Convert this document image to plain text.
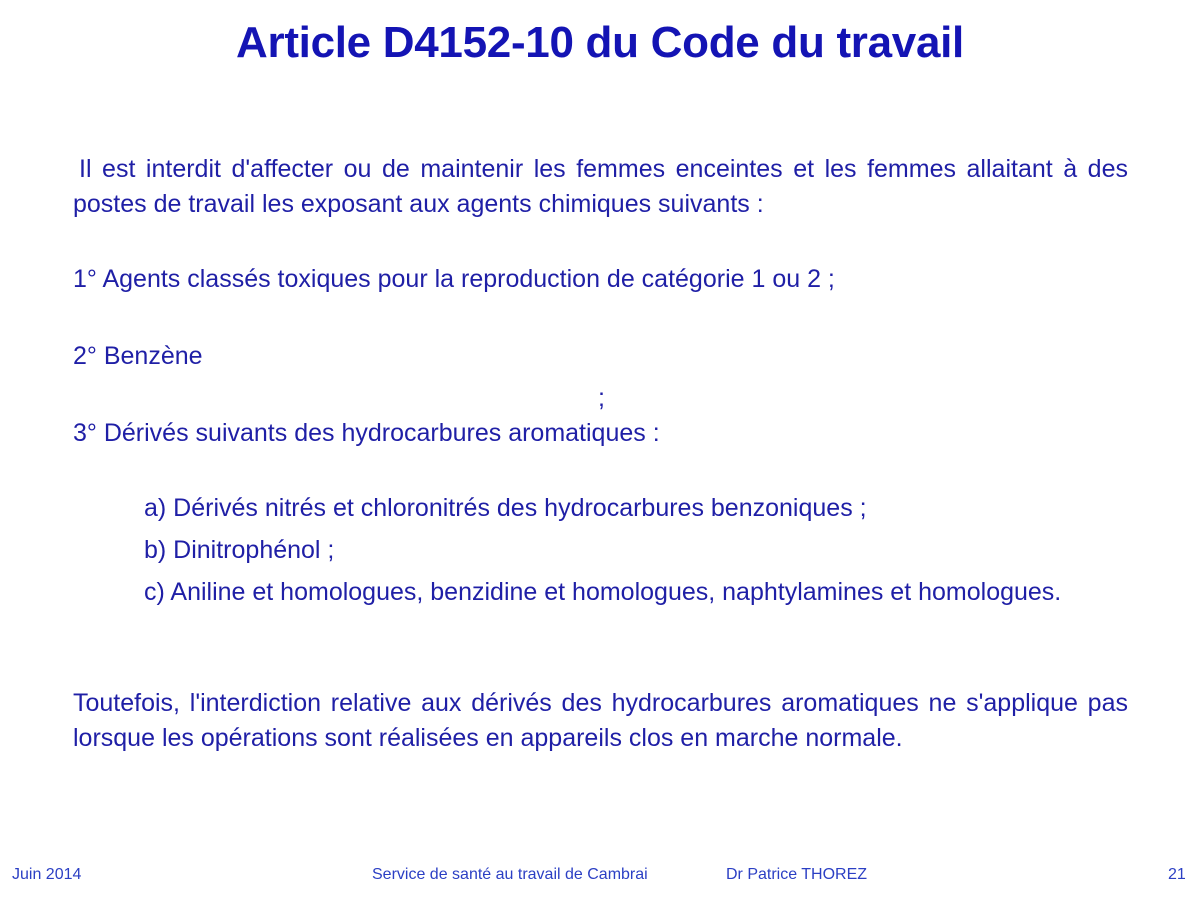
Article D4152-10 du Code du travail
Il est interdit d'affecter ou de maintenir les femmes enceintes et les femmes allaitant à des postes de travail les exposant aux agents chimiques suivants :
1° Agents classés toxiques pour la reproduction de catégorie 1 ou 2 ;
2° Benzène
;
3° Dérivés suivants des hydrocarbures aromatiques :
a) Dérivés nitrés et chloronitrés des hydrocarbures benzoniques ;
b) Dinitrophénol ;
c) Aniline et homologues, benzidine et homologues, naphtylamines et homologues.
Toutefois, l'interdiction relative aux dérivés des hydrocarbures aromatiques ne s'applique pas lorsque les opérations sont réalisées en appareils clos en marche normale.
Juin 2014	Service de santé au travail de Cambrai	Dr Patrice THOREZ	21
